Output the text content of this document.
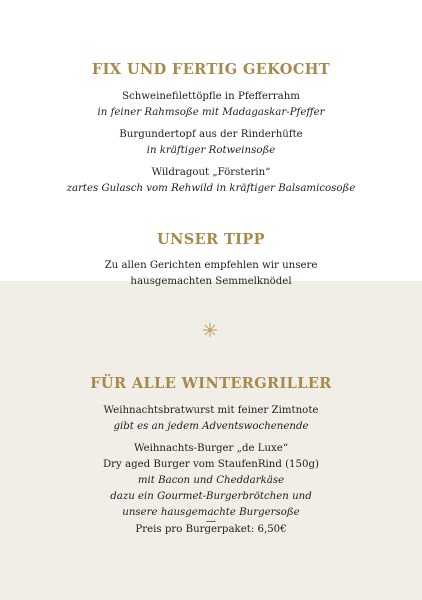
FIX UND FERTIG GEKOCHT
Schweinefilettöpfle in Pfefferrahm
in feiner Rahmsoße mit Madagaskar-Pfeffer
Burgundertopf aus der Rinderhüfte
in kräftiger Rotweinsoße
Wildragout „Försterin“
zartes Gulasch vom Rehwild in kräftiger Balsamicosoße
UNSER TIPP
Zu allen Gerichten empfehlen wir unsere
hausgemachten Semmelknödel
FÜR ALLE WINTERGRILLER
Weihnachtsbratwurst mit feiner Zimtnote
gibt es an jedem Adventswochenende
Weihnachts-Burger „de Luxe“
Dry aged Burger vom StaufenRind (150g)
mit Bacon und Cheddarkäse
dazu ein Gourmet-Burgerbrötchen und
unsere hausgemachte Burgersoße
—
Preis pro Burgerpaket: 6,50€
